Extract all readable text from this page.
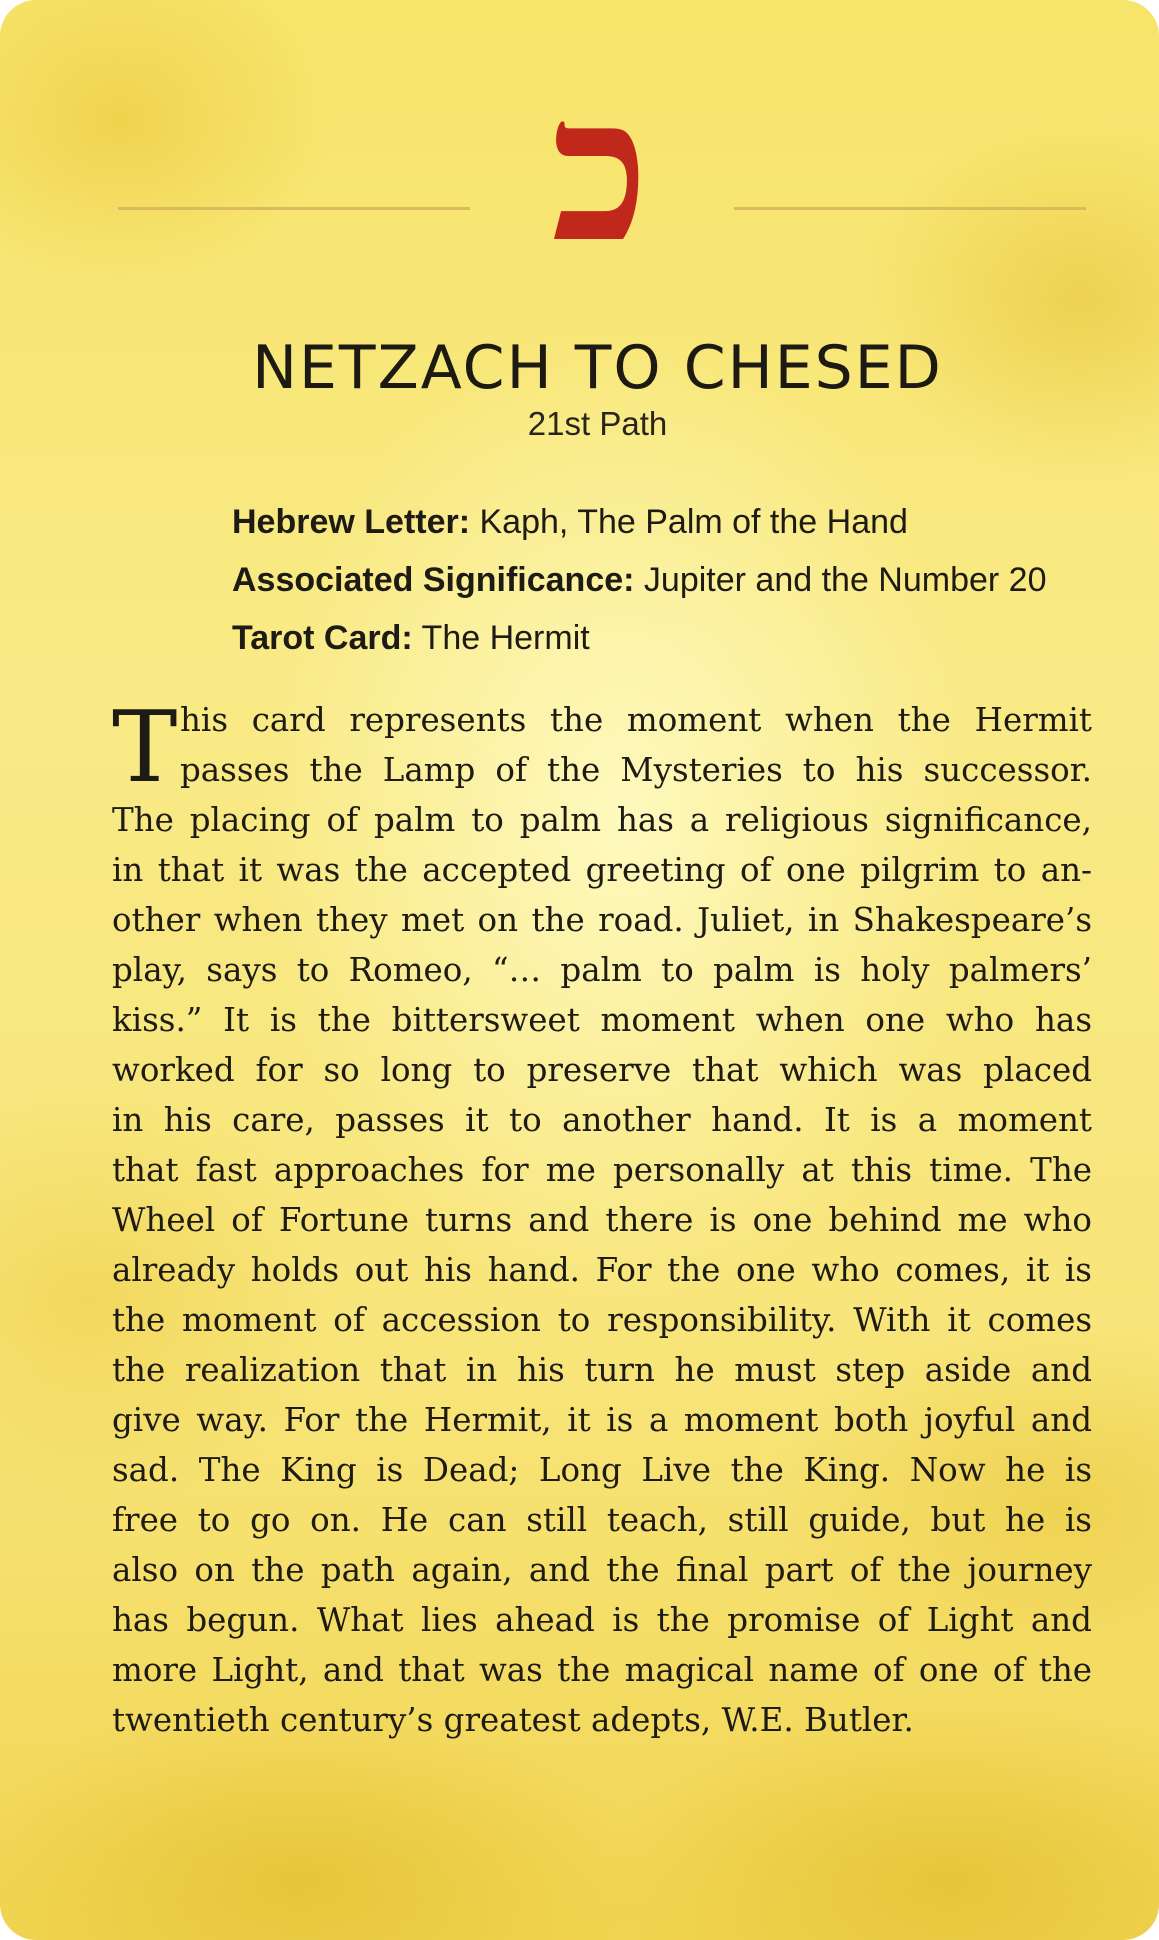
כ
NETZACH TO CHESED
21st Path
Hebrew Letter: Kaph, The Palm of the Hand
Associated Significance: Jupiter and the Number 20
Tarot Card: The Hermit
T his card represents the moment when the Hermit
passes the Lamp of the Mysteries to his successor.
The placing of palm to palm has a religious significance,
in that it was the accepted greeting of one pilgrim to an-
other when they met on the road. Juliet, in Shakespeare’s
play, says to Romeo, “… palm to palm is holy palmers’
kiss.” It is the bittersweet moment when one who has
worked for so long to preserve that which was placed
in his care, passes it to another hand. It is a moment
that fast approaches for me personally at this time. The
Wheel of Fortune turns and there is one behind me who
already holds out his hand. For the one who comes, it is
the moment of accession to responsibility. With it comes
the realization that in his turn he must step aside and
give way. For the Hermit, it is a moment both joyful and
sad. The King is Dead; Long Live the King. Now he is
free to go on. He can still teach, still guide, but he is
also on the path again, and the final part of the journey
has begun. What lies ahead is the promise of Light and
more Light, and that was the magical name of one of the
twentieth century’s greatest adepts, W.E. Butler.
